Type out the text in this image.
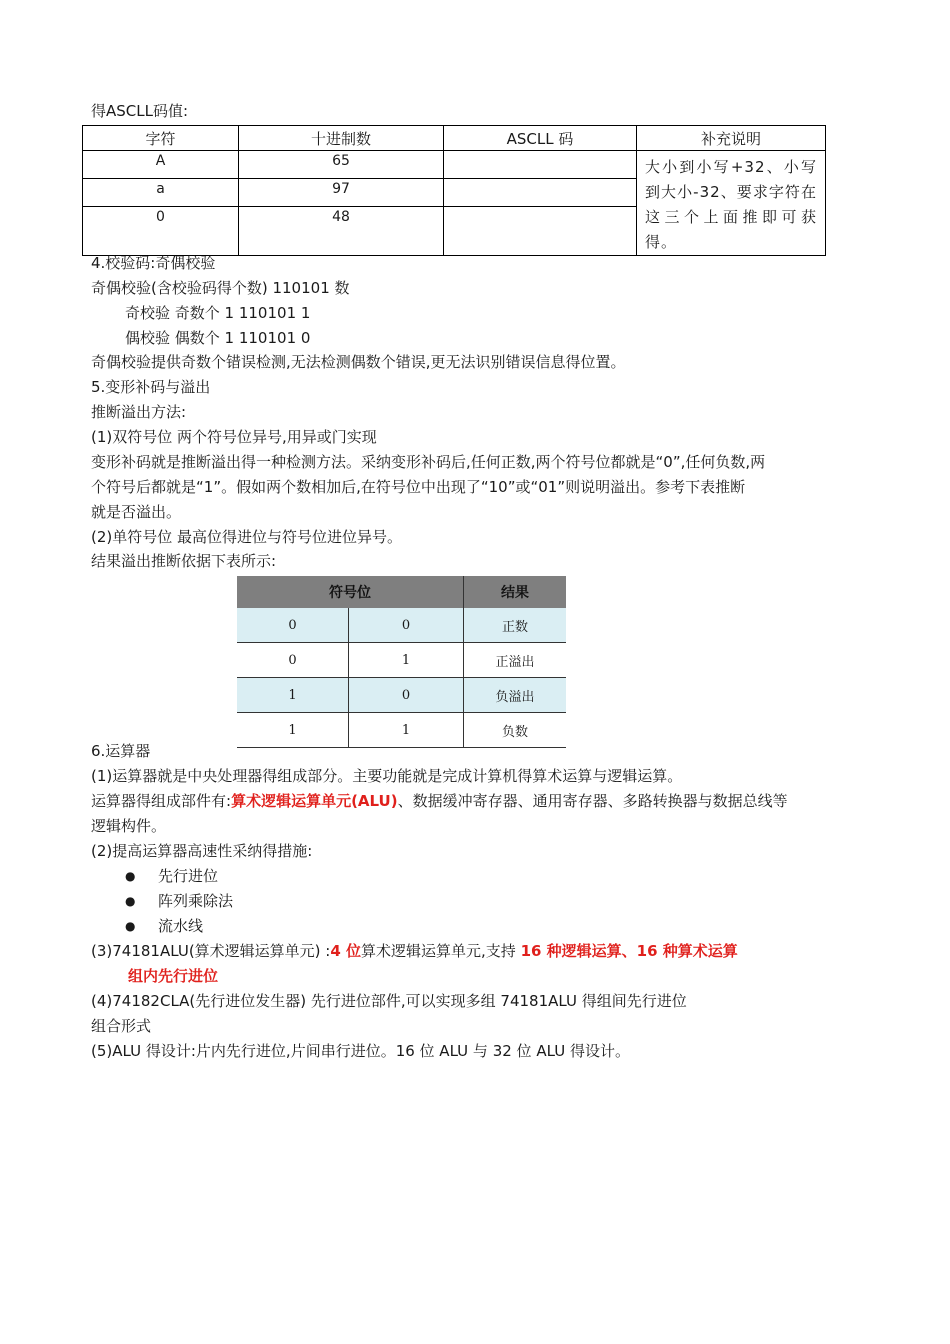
得ASCLL码值:
字符	十进制数	ASCLL 码	补充说明
A	65		大小到小写+32、小写到大小-32、要求字符在这三个上面推即可获得。
a	97		
0	48		
4.校验码:奇偶校验
奇偶校验(含校验码得个数) 110101 数
奇校验 奇数个 1 110101 1
偶校验 偶数个 1 110101 0
奇偶校验提供奇数个错误检测,无法检测偶数个错误,更无法识别错误信息得位置。
5.变形补码与溢出
推断溢出方法:
(1)双符号位 两个符号位异号,用异或门实现
变形补码就是推断溢出得一种检测方法。采纳变形补码后,任何正数,两个符号位都就是“0”,任何负数,两
个符号后都就是“1”。假如两个数相加后,在符号位中出现了“10”或“01”则说明溢出。参考下表推断
就是否溢出。
(2)单符号位 最高位得进位与符号位进位异号。
结果溢出推断依据下表所示:
符号位		结果
0	0	正数
0	1	正溢出
1	0	负溢出
1	1	负数
6.运算器
(1)运算器就是中央处理器得组成部分。主要功能就是完成计算机得算术运算与逻辑运算。
运算器得组成部件有:算术逻辑运算单元(ALU)、数据缓冲寄存器、通用寄存器、多路转换器与数据总线等
逻辑构件。
(2)提高运算器高速性采纳得措施:
● 先行进位
● 阵列乘除法
● 流水线
(3)74181ALU(算术逻辑运算单元) :4 位算术逻辑运算单元,支持 16 种逻辑运算、16 种算术运算
组内先行进位
(4)74182CLA(先行进位发生器) 先行进位部件,可以实现多组 74181ALU 得组间先行进位
组合形式
(5)ALU 得设计:片内先行进位,片间串行进位。16 位 ALU 与 32 位 ALU 得设计。
